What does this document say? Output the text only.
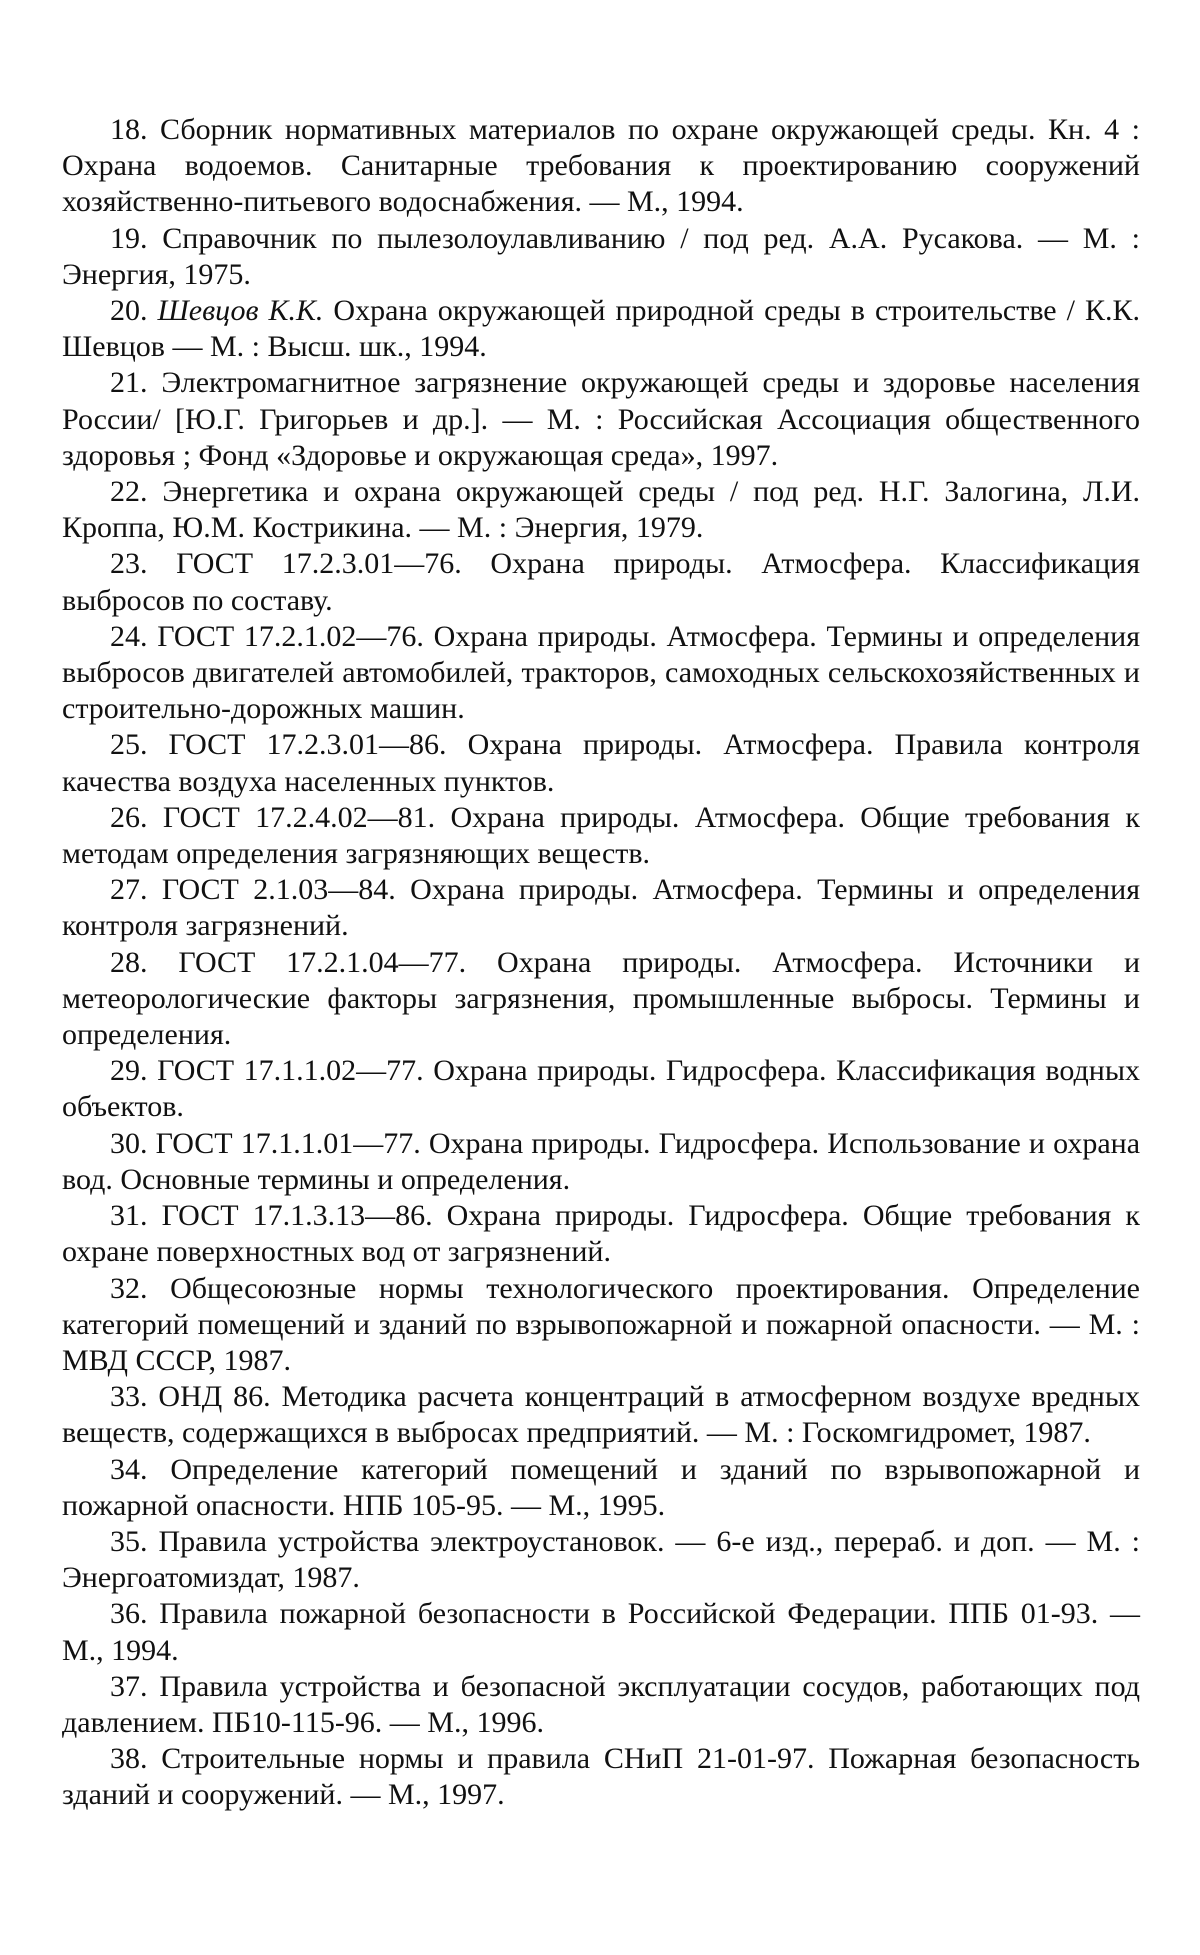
18. Сборник нормативных материалов по охране окружающей среды. Кн. 4 : Охрана водоемов. Санитарные требования к проектированию сооружений хозяйственно-питьевого водоснабжения. — М., 1994.

19. Справочник по пылезолоулавливанию / под ред. А.А. Русакова. — М. : Энергия, 1975.

20. Шевцов К.К. Охрана окружающей природной среды в строительстве / К.К. Шевцов — М. : Высш. шк., 1994.

21. Электромагнитное загрязнение окружающей среды и здоровье населения России/ [Ю.Г. Григорьев и др.]. — М. : Российская Ассоциация общественного здоровья ; Фонд «Здоровье и окружающая среда», 1997.

22. Энергетика и охрана окружающей среды / под ред. Н.Г. Залогина, Л.И. Кроппа, Ю.М. Кострикина. — М. : Энергия, 1979.

23. ГОСТ 17.2.3.01—76. Охрана природы. Атмосфера. Классификация выбросов по составу.

24. ГОСТ 17.2.1.02—76. Охрана природы. Атмосфера. Термины и определения выбросов двигателей автомобилей, тракторов, самоходных сельскохозяйственных и строительно-дорожных машин.

25. ГОСТ 17.2.3.01—86. Охрана природы. Атмосфера. Правила контроля качества воздуха населенных пунктов.

26. ГОСТ 17.2.4.02—81. Охрана природы. Атмосфера. Общие требования к методам определения загрязняющих веществ.

27. ГОСТ 2.1.03—84. Охрана природы. Атмосфера. Термины и определения контроля загрязнений.

28. ГОСТ 17.2.1.04—77. Охрана природы. Атмосфера. Источники и метеорологические факторы загрязнения, промышленные выбросы. Термины и определения.

29. ГОСТ 17.1.1.02—77. Охрана природы. Гидросфера. Классификация водных объектов.

30. ГОСТ 17.1.1.01—77. Охрана природы. Гидросфера. Использование и охрана вод. Основные термины и определения.

31. ГОСТ 17.1.3.13—86. Охрана природы. Гидросфера. Общие требования к охране поверхностных вод от загрязнений.

32. Общесоюзные нормы технологического проектирования. Определение категорий помещений и зданий по взрывопожарной и пожарной опасности. — М. : МВД СССР, 1987.

33. ОНД 86. Методика расчета концентраций в атмосферном воздухе вредных веществ, содержащихся в выбросах предприятий. — М. : Госкомгидромет, 1987.

34. Определение категорий помещений и зданий по взрывопожарной и пожарной опасности. НПБ 105-95. — М., 1995.

35. Правила устройства электроустановок. — 6-е изд., перераб. и доп. — М. : Энергоатомиздат, 1987.

36. Правила пожарной безопасности в Российской Федерации. ППБ 01-93. — М., 1994.

37. Правила устройства и безопасной эксплуатации сосудов, работающих под давлением. ПБ10-115-96. — М., 1996.

38. Строительные нормы и правила СНиП 21-01-97. Пожарная безопасность зданий и сооружений. — М., 1997.
